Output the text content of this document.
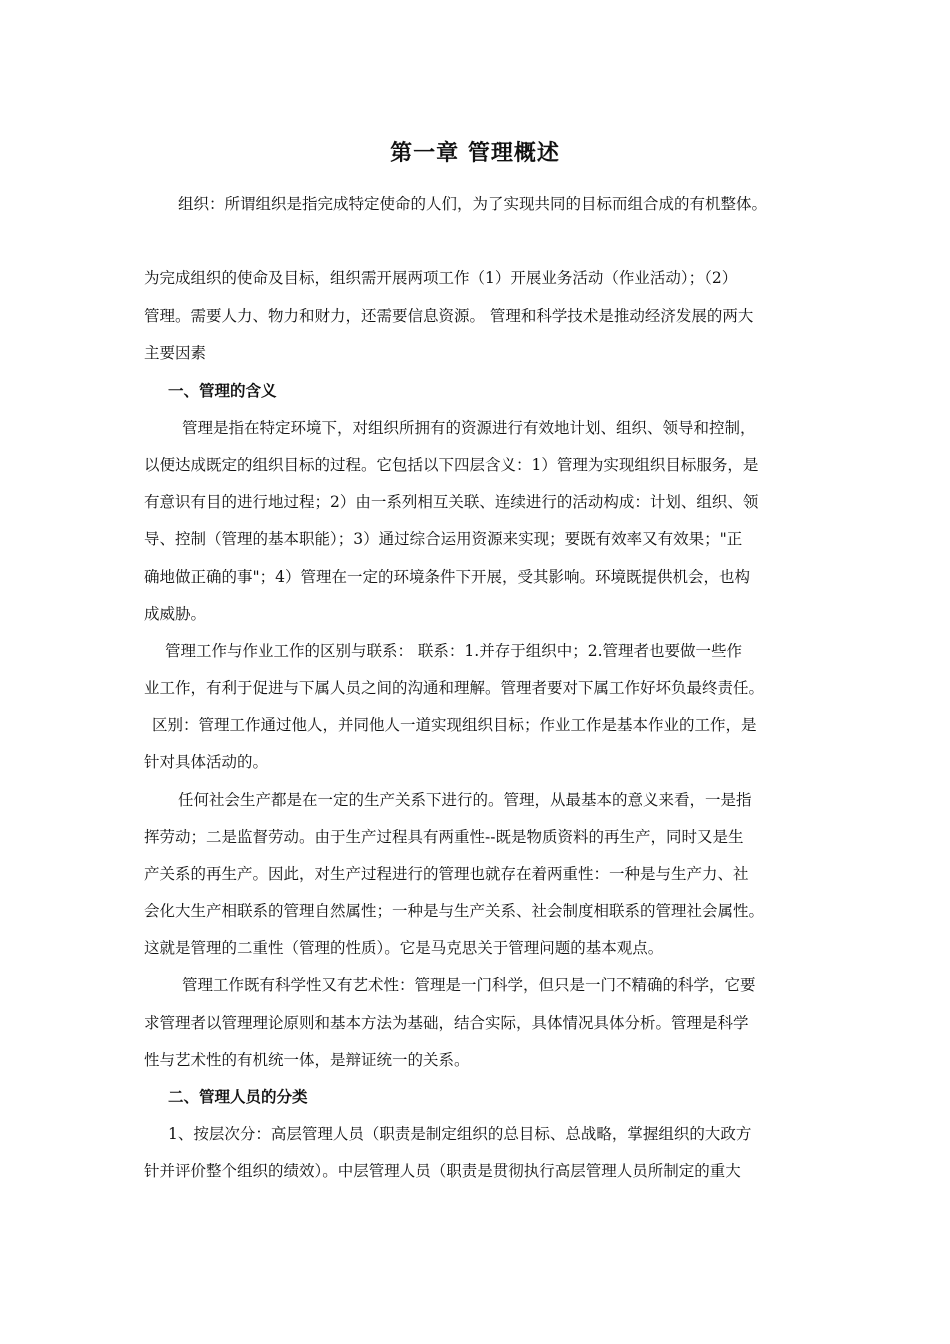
第一章 管理概述

组织：所谓组织是指完成特定使命的人们，为了实现共同的目标而组合成的有机整体。

为完成组织的使命及目标，组织需开展两项工作（1）开展业务活动（作业活动）；（2）

管理。需要人力、物力和财力，还需要信息资源。 管理和科学技术是推动经济发展的两大

主要因素

一、管理的含义

管理是指在特定环境下，对组织所拥有的资源进行有效地计划、组织、领导和控制，

以便达成既定的组织目标的过程。它包括以下四层含义：1）管理为实现组织目标服务，是

有意识有目的进行地过程；2）由一系列相互关联、连续进行的活动构成：计划、组织、领

导、控制（管理的基本职能）；3）通过综合运用资源来实现；要既有效率又有效果；"正

确地做正确的事"；4）管理在一定的环境条件下开展，受其影响。环境既提供机会，也构

成威胁。

管理工作与作业工作的区别与联系： 联系：1.并存于组织中；2.管理者也要做一些作

业工作，有利于促进与下属人员之间的沟通和理解。管理者要对下属工作好坏负最终责任。

区别：管理工作通过他人，并同他人一道实现组织目标；作业工作是基本作业的工作，是

针对具体活动的。

任何社会生产都是在一定的生产关系下进行的。管理，从最基本的意义来看，一是指

挥劳动；二是监督劳动。由于生产过程具有两重性--既是物质资料的再生产，同时又是生

产关系的再生产。因此，对生产过程进行的管理也就存在着两重性：一种是与生产力、社

会化大生产相联系的管理自然属性；一种是与生产关系、社会制度相联系的管理社会属性。

这就是管理的二重性（管理的性质）。它是马克思关于管理问题的基本观点。

管理工作既有科学性又有艺术性：管理是一门科学，但只是一门不精确的科学，它要

求管理者以管理理论原则和基本方法为基础，结合实际，具体情况具体分析。管理是科学

性与艺术性的有机统一体，是辩证统一的关系。

二、管理人员的分类

1、按层次分：高层管理人员（职责是制定组织的总目标、总战略，掌握组织的大政方

针并评价整个组织的绩效）。中层管理人员（职责是贯彻执行高层管理人员所制定的重大
